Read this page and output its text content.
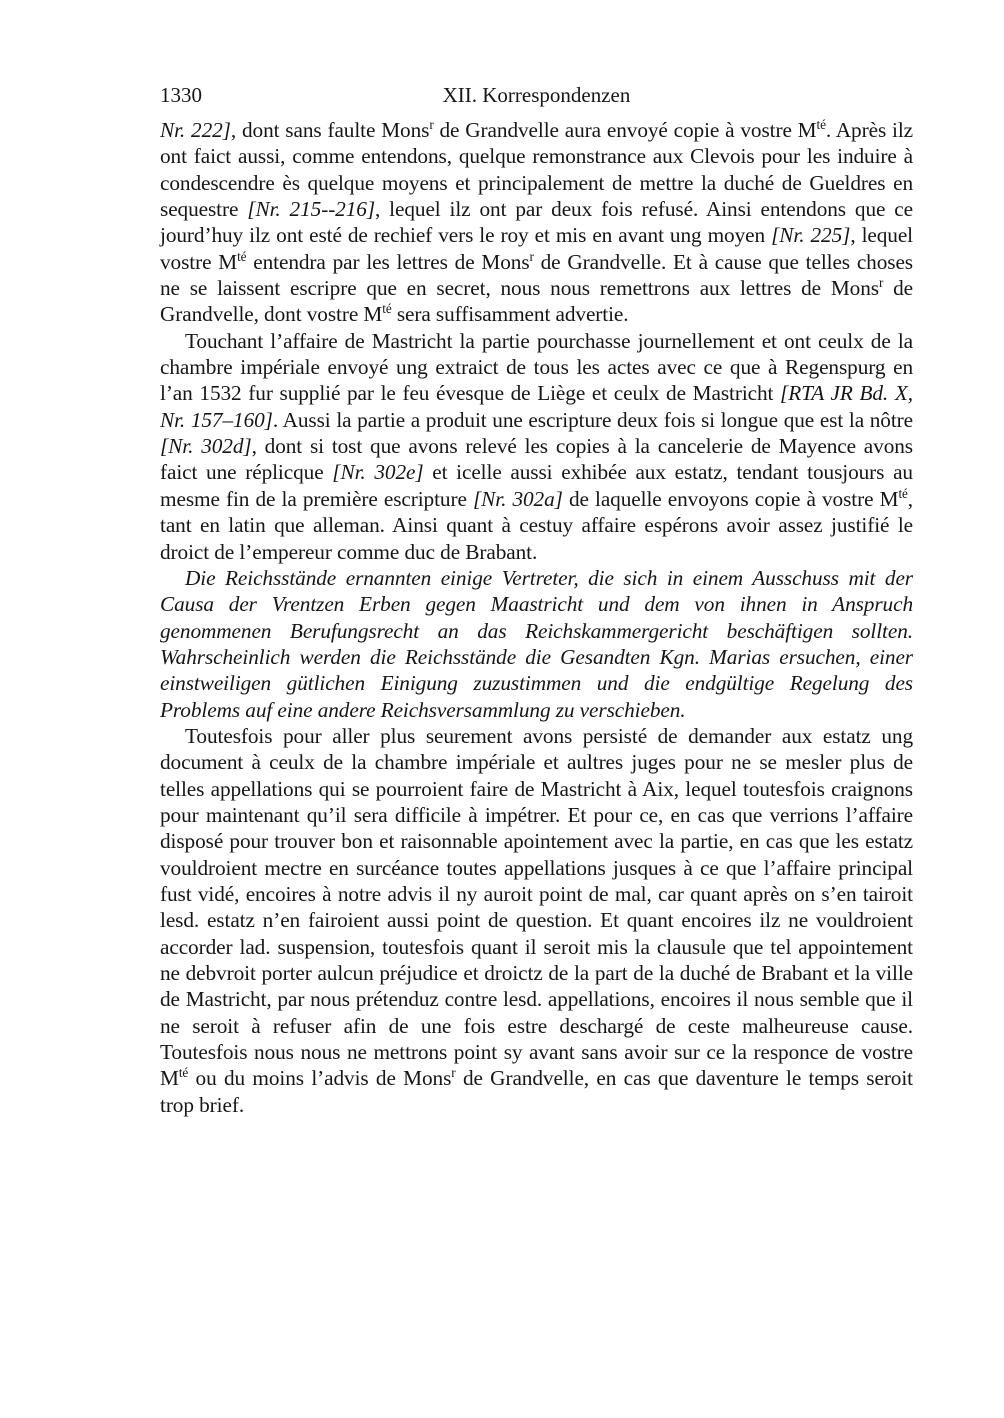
1330	XII. Korrespondenzen

Nr. 222], dont sans faulte Mons$^r$ de Grandvelle aura envoyé copie à vostre $M^{té}$. Après ilz ont faict aussi, comme entendons, quelque remonstrance aux Clevois pour les induire à condescendre ès quelque moyens et principalement de mettre la duché de Gueldres en sequestre [Nr. 215--216], lequel ilz ont par deux fois refusé. Ainsi entendons que ce jourd’huy ilz ont esté de rechief vers le roy et mis en avant ung moyen [Nr. 225], lequel vostre $M^{té}$ entendra par les lettres de Mons$^r$ de Grandvelle. Et à cause que telles choses ne se laissent escripre que en secret, nous nous remettrons aux lettres de Mons$^r$ de Grandvelle, dont vostre $M^{té}$ sera suffisamment advertie.

Touchant l’affaire de Mastricht la partie pourchasse journellement et ont ceulx de la chambre impériale envoyé ung extraict de tous les actes avec ce que à Regenspurg en l’an 1532 fur supplié par le feu évesque de Liège et ceulx de Mastricht [RTA JR Bd. X, Nr. 157–160]. Aussi la partie a produit une escripture deux fois si longue que est la nôtre [Nr. 302d], dont si tost que avons relevé les copies à la cancelerie de Mayence avons faict une réplicque [Nr. 302e] et icelle aussi exhibée aux estatz, tendant tousjours au mesme fin de la première escripture [Nr. 302a] de laquelle envoyons copie à vostre $M^{té}$, tant en latin que alleman. Ainsi quant à cestuy affaire espérons avoir assez justifié le droict de l’empereur comme duc de Brabant.

Die Reichsstände ernannten einige Vertreter, die sich in einem Ausschuss mit der Causa der Vrentzen Erben gegen Maastricht und dem von ihnen in Anspruch genommenen Berufungsrecht an das Reichskammergericht beschäftigen sollten. Wahrscheinlich werden die Reichsstände die Gesandten Kgn. Marias ersuchen, einer einstweiligen gütlichen Einigung zuzustimmen und die endgültige Regelung des Problems auf eine andere Reichsversammlung zu verschieben.

Toutesfois pour aller plus seurement avons persisté de demander aux estatz ung document à ceulx de la chambre impériale et aultres juges pour ne se mesler plus de telles appellations qui se pourroient faire de Mastricht à Aix, lequel toutesfois craignons pour maintenant qu’il sera difficile à impétrer. Et pour ce, en cas que verrions l’affaire disposé pour trouver bon et raisonnable apointement avec la partie, en cas que les estatz vouldroient mectre en surcéance toutes appellations jusques à ce que l’affaire principal fust vidé, encoires à notre advis il ny auroit point de mal, car quant après on s’en tairoit lesd. estatz n’en fairoient aussi point de question. Et quant encoires ilz ne vouldroient accorder lad. suspension, toutesfois quant il seroit mis la clausule que tel appointement ne debvroit porter aulcun préjudice et droictz de la part de la duché de Brabant et la ville de Mastricht, par nous prétenduz contre lesd. appellations, encoires il nous semble que il ne seroit à refuser afin de une fois estre deschargé de ceste malheureuse cause. Toutesfois nous nous ne mettrons point sy avant sans avoir sur ce la responce de vostre $M^{té}$ ou du moins l’advis de Mons$^r$ de Grandvelle, en cas que daventure le temps seroit trop brief.
